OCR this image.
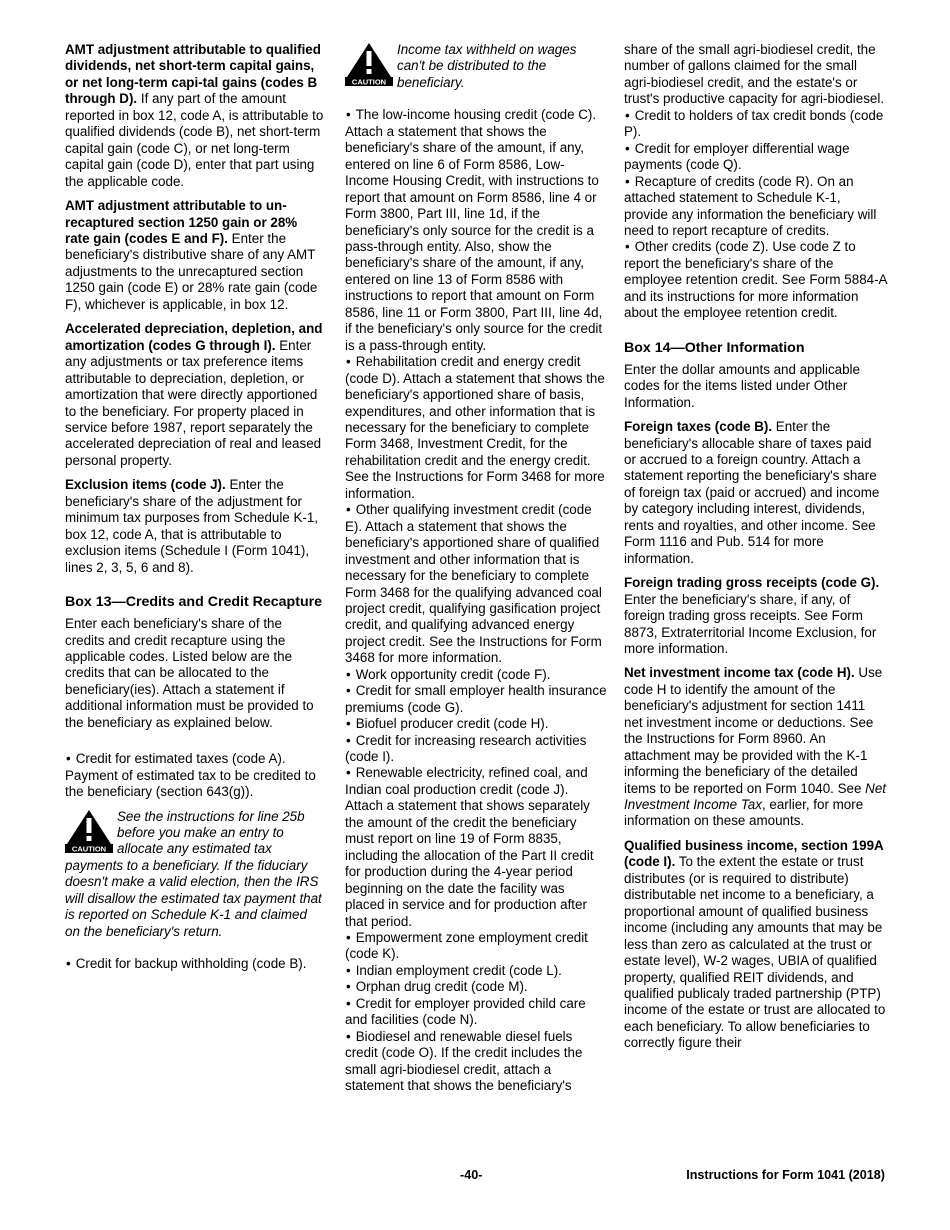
AMT adjustment attributable to qualified dividends, net short-term capital gains, or net long-term capi-tal gains (codes B through D). If any part of the amount reported in box 12, code A, is attributable to qualified dividends (code B), net short-term capital gain (code C), or net long-term capital gain (code D), enter that part using the applicable code.

AMT adjustment attributable to un-recaptured section 1250 gain or 28% rate gain (codes E and F). Enter the beneficiary's distributive share of any AMT adjustments to the unrecaptured section 1250 gain (code E) or 28% rate gain (code F), whichever is applicable, in box 12.

Accelerated depreciation, depletion, and amortization (codes G through I). Enter any adjustments or tax preference items attributable to depreciation, depletion, or amortization that were directly apportioned to the beneficiary. For property placed in service before 1987, report separately the accelerated depreciation of real and leased personal property.

Exclusion items (code J). Enter the beneficiary's share of the adjustment for minimum tax purposes from Schedule K-1, box 12, code A, that is attributable to exclusion items (Schedule I (Form 1041), lines 2, 3, 5, 6 and 8).

Box 13—Credits and Credit Recapture

Enter each beneficiary's share of the credits and credit recapture using the applicable codes. Listed below are the credits that can be allocated to the beneficiary(ies). Attach a statement if additional information must be provided to the beneficiary as explained below.

• Credit for estimated taxes (code A). Payment of estimated tax to be credited to the beneficiary (section 643(g)).

CAUTION

See the instructions for line 25b before you make an entry to allocate any estimated tax payments to a beneficiary. If the fiduciary doesn't make a valid election, then the IRS will disallow the estimated tax payment that is reported on Schedule K-1 and claimed on the beneficiary's return.

• Credit for backup withholding (code B).

CAUTION

Income tax withheld on wages can't be distributed to the beneficiary.

• The low-income housing credit (code C). Attach a statement that shows the beneficiary's share of the amount, if any, entered on line 6 of Form 8586, Low-Income Housing Credit, with instructions to report that amount on Form 8586, line 4 or Form 3800, Part III, line 1d, if the beneficiary's only source for the credit is a pass-through entity. Also, show the beneficiary's share of the amount, if any, entered on line 13 of Form 8586 with instructions to report that amount on Form 8586, line 11 or Form 3800, Part III, line 4d, if the beneficiary's only source for the credit is a pass-through entity.

• Rehabilitation credit and energy credit (code D). Attach a statement that shows the beneficiary's apportioned share of basis, expenditures, and other information that is necessary for the beneficiary to complete Form 3468, Investment Credit, for the rehabilitation credit and the energy credit. See the Instructions for Form 3468 for more information.

• Other qualifying investment credit (code E). Attach a statement that shows the beneficiary's apportioned share of qualified investment and other information that is necessary for the beneficiary to complete Form 3468 for the qualifying advanced coal project credit, qualifying gasification project credit, and qualifying advanced energy project credit. See the Instructions for Form 3468 for more information.

• Work opportunity credit (code F).

• Credit for small employer health insurance premiums (code G).

• Biofuel producer credit (code H).

• Credit for increasing research activities (code I).

• Renewable electricity, refined coal, and Indian coal production credit (code J). Attach a statement that shows separately the amount of the credit the beneficiary must report on line 19 of Form 8835, including the allocation of the Part II credit for production during the 4-year period beginning on the date the facility was placed in service and for production after that period.

• Empowerment zone employment credit (code K).

• Indian employment credit (code L).

• Orphan drug credit (code M).

• Credit for employer provided child care and facilities (code N).

• Biodiesel and renewable diesel fuels credit (code O). If the credit includes the small agri-biodiesel credit, attach a statement that shows the beneficiary's

share of the small agri-biodiesel credit, the number of gallons claimed for the small agri-biodiesel credit, and the estate's or trust's productive capacity for agri-biodiesel.

• Credit to holders of tax credit bonds (code P).

• Credit for employer differential wage payments (code Q).

• Recapture of credits (code R). On an attached statement to Schedule K-1, provide any information the beneficiary will need to report recapture of credits.

• Other credits (code Z). Use code Z to report the beneficiary's share of the employee retention credit. See Form 5884-A and its instructions for more information about the employee retention credit.

Box 14—Other Information

Enter the dollar amounts and applicable codes for the items listed under Other Information.

Foreign taxes (code B). Enter the beneficiary's allocable share of taxes paid or accrued to a foreign country. Attach a statement reporting the beneficiary's share of foreign tax (paid or accrued) and income by category including interest, dividends, rents and royalties, and other income. See Form 1116 and Pub. 514 for more information.

Foreign trading gross receipts (code G). Enter the beneficiary's share, if any, of foreign trading gross receipts. See Form 8873, Extraterritorial Income Exclusion, for more information.

Net investment income tax (code H). Use code H to identify the amount of the beneficiary's adjustment for section 1411 net investment income or deductions. See the Instructions for Form 8960. An attachment may be provided with the K-1 informing the beneficiary of the detailed items to be reported on Form 1040. See Net Investment Income Tax, earlier, for more information on these amounts.

Qualified business income, section 199A (code I). To the extent the estate or trust distributes (or is required to distribute) distributable net income to a beneficiary, a proportional amount of qualified business income (including any amounts that may be less than zero as calculated at the trust or estate level), W-2 wages, UBIA of qualified property, qualified REIT dividends, and qualified publicaly traded partnership (PTP) income of the estate or trust are allocated to each beneficiary. To allow beneficiaries to correctly figure their

-40-	Instructions for Form 1041 (2018)
